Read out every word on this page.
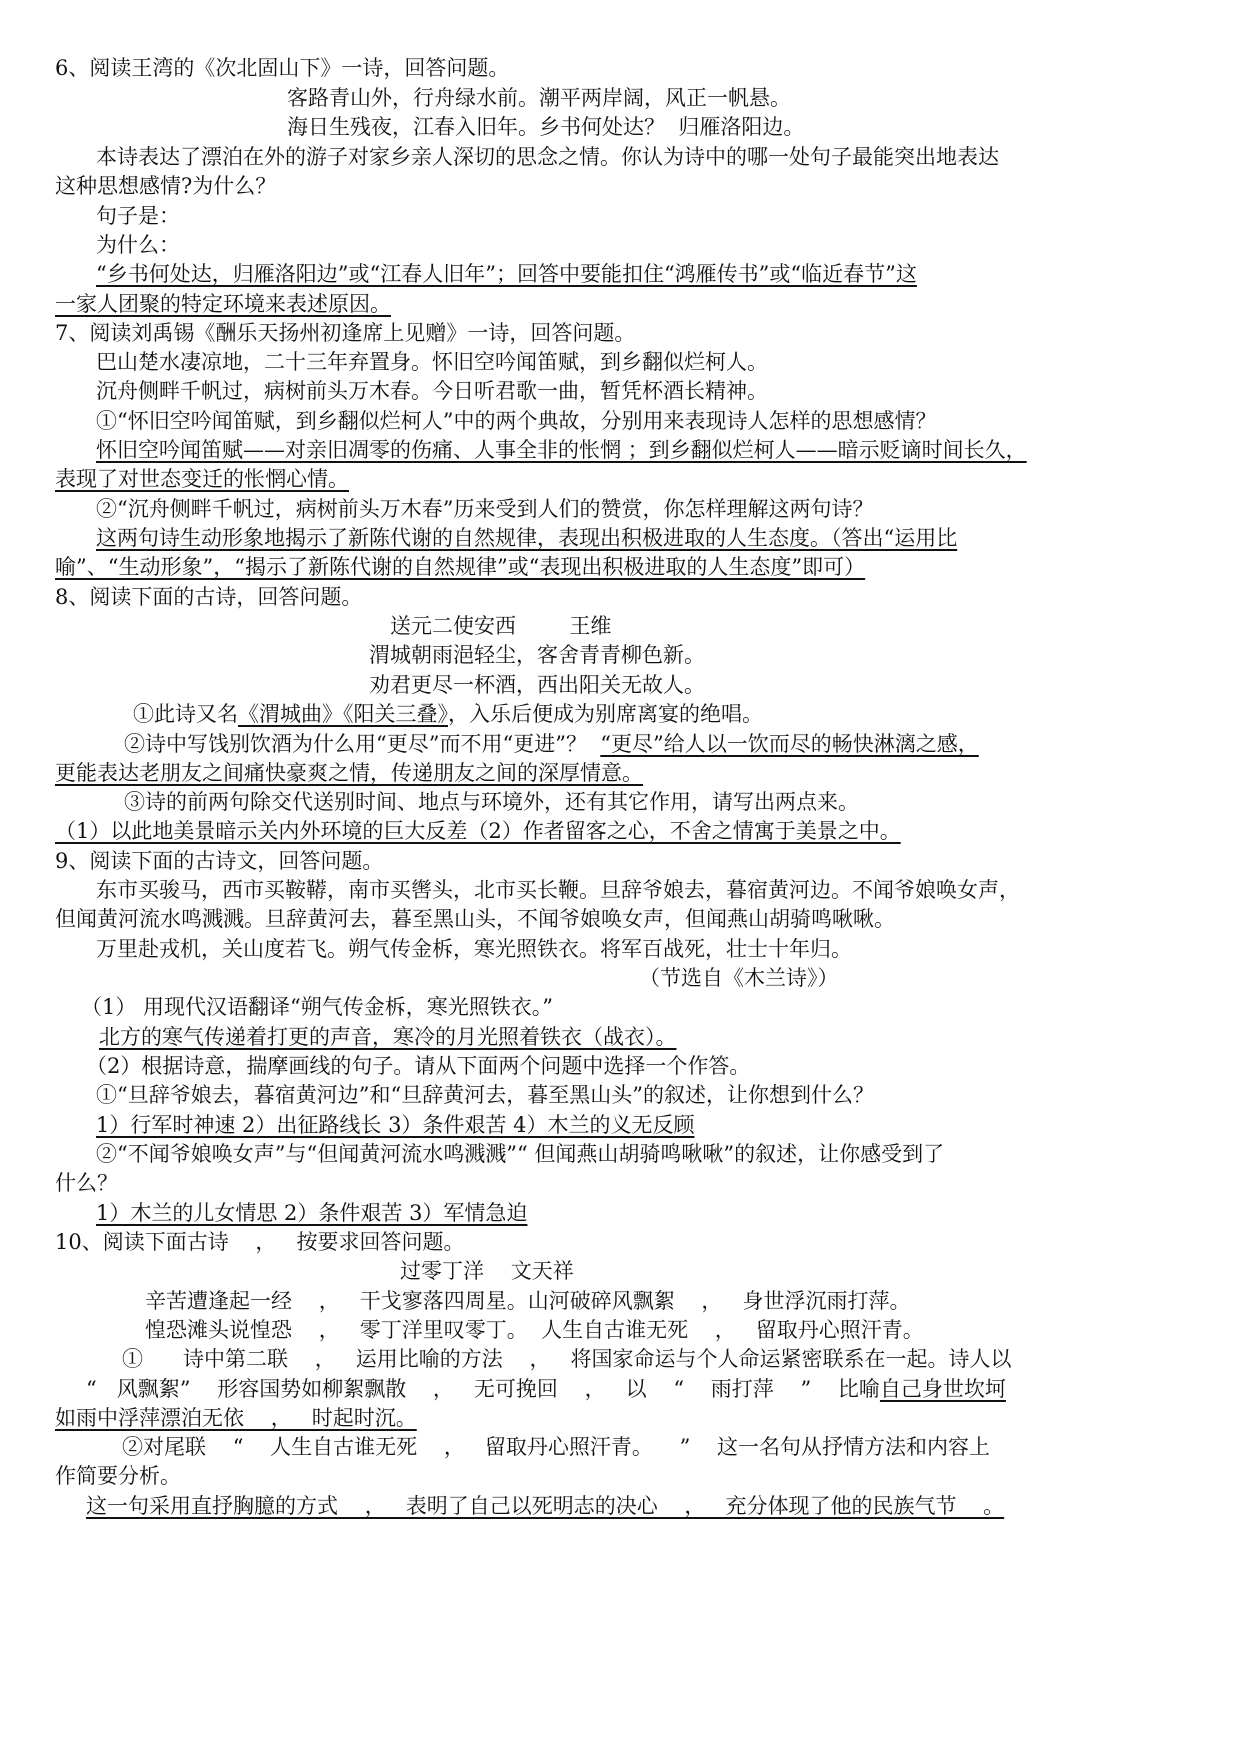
6、阅读王湾的《次北固山下》一诗，回答问题。
客路青山外，行舟绿水前。潮平两岸阔，风正一帆悬。
海日生残夜，江春入旧年。乡书何处达？  归雁洛阳边。
本诗表达了漂泊在外的游子对家乡亲人深切的思念之情。你认为诗中的哪一处句子最能突出地表达
这种思想感情?为什么？
句子是：
为什么：
“乡书何处达，归雁洛阳边”或“江春人旧年”；回答中要能扣住“鸿雁传书”或“临近春节”这
一家人团聚的特定环境来表述原因。
7、阅读刘禹锡《酬乐天扬州初逢席上见赠》一诗，回答问题。
巴山楚水凄凉地，二十三年弃置身。怀旧空吟闻笛赋，到乡翻似烂柯人。
沉舟侧畔千帆过，病树前头万木春。今日听君歌一曲，暂凭杯酒长精神。
①“怀旧空吟闻笛赋，到乡翻似烂柯人”中的两个典故，分别用来表现诗人怎样的思想感情？
怀旧空吟闻笛赋——对亲旧凋零的伤痛、人事全非的怅惘 ；到乡翻似烂柯人——暗示贬谪时间长久，
表现了对世态变迁的怅惘心情。
②“沉舟侧畔千帆过，病树前头万木春”历来受到人们的赞赏，你怎样理解这两句诗？
这两句诗生动形象地揭示了新陈代谢的自然规律，表现出积极进取的人生态度。（答出“运用比
喻”、“生动形象”，“揭示了新陈代谢的自然规律”或“表现出积极进取的人生态度”即可）
8、阅读下面的古诗，回答问题。
送元二使安西        王维
渭城朝雨浥轻尘，客舍青青柳色新。
劝君更尽一杯酒，西出阳关无故人。
①此诗又名《渭城曲》《阳关三叠》，入乐后便成为别席离宴的绝唱。
②诗中写饯别饮酒为什么用“更尽”而不用“更进”？  “更尽”给人以一饮而尽的畅快淋漓之感，
更能表达老朋友之间痛快豪爽之情，传递朋友之间的深厚情意。
③诗的前两句除交代送别时间、地点与环境外，还有其它作用，请写出两点来。
（1）以此地美景暗示关内外环境的巨大反差（2）作者留客之心，不舍之情寓于美景之中。
9、阅读下面的古诗文，回答问题。
东市买骏马，西市买鞍鞯，南市买辔头，北市买长鞭。旦辞爷娘去，暮宿黄河边。不闻爷娘唤女声，
但闻黄河流水鸣溅溅。旦辞黄河去，暮至黑山头，不闻爷娘唤女声，但闻燕山胡骑鸣啾啾。
万里赴戎机，关山度若飞。朔气传金柝，寒光照铁衣。将军百战死，壮士十年归。
（节选自《木兰诗》）
（1） 用现代汉语翻译“朔气传金柝，寒光照铁衣。”
北方的寒气传递着打更的声音，寒冷的月光照着铁衣（战衣）。
（2）根据诗意，揣摩画线的句子。请从下面两个问题中选择一个作答。
①“旦辞爷娘去，暮宿黄河边”和“旦辞黄河去，暮至黑山头”的叙述，让你想到什么？
1）行军时神速 2）出征路线长 3）条件艰苦 4）木兰的义无反顾
②“不闻爷娘唤女声”与“但闻黄河流水鸣溅溅”“ 但闻燕山胡骑鸣啾啾”的叙述，让你感受到了
什么？
1）木兰的儿女情思 2）条件艰苦 3）军情急迫
10、阅读下面古诗    ，   按要求回答问题。
过零丁洋    文天祥
辛苦遭逢起一经    ，   干戈寥落四周星。山河破碎风飘絮    ，   身世浮沉雨打萍。
惶恐滩头说惶恐    ，   零丁洋里叹零丁。  人生自古谁无死    ，   留取丹心照汗青。
①      诗中第二联    ，   运用比喻的方法    ，   将国家命运与个人命运紧密联系在一起。诗人以
“   风飘絮”    形容国势如柳絮飘散    ，   无可挽回    ，   以    “    雨打萍    ”    比喻自己身世坎坷
如雨中浮萍漂泊无依    ，   时起时沉。
②对尾联    “    人生自古谁无死    ，   留取丹心照汗青。    ”    这一名句从抒情方法和内容上
作简要分析。
这一句采用直抒胸臆的方式    ，   表明了自己以死明志的决心    ，   充分体现了他的民族气节    。
